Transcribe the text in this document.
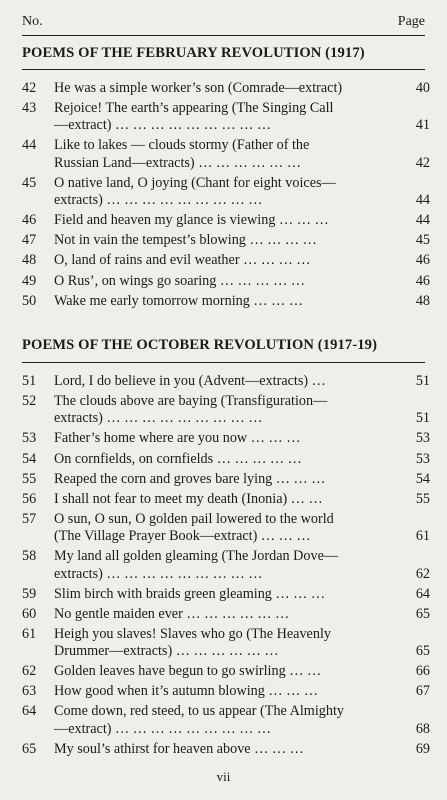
No.	Page
POEMS OF THE FEBRUARY REVOLUTION (1917)
42	He was a simple worker’s son (Comrade—extract)	40
43	Rejoice! The earth’s appearing (The Singing Call
—extract) … … … … … … … … …	41
44	Like to lakes — clouds stormy (Father of the
Russian Land—extracts) … … … … … …	42
45	O native land, O joying (Chant for eight voices—
extracts) … … … … … … … … …	44
46	Field and heaven my glance is viewing … … …	44
47	Not in vain the tempest’s blowing … … … …	45
48	O, land of rains and evil weather … … … …	46
49	O Rus’, on wings go soaring … … … … …	46
50	Wake me early tomorrow morning … … …	48
POEMS OF THE OCTOBER REVOLUTION (1917-19)
51	Lord, I do believe in you (Advent—extracts) …	51
52	The clouds above are baying (Transfiguration—
extracts) … … … … … … … … …	51
53	Father’s home where are you now … … …	53
54	On cornfields, on cornfields … … … … …	53
55	Reaped the corn and groves bare lying … … …	54
56	I shall not fear to meet my death (Inonia) … …	55
57	O sun, O sun, O golden pail lowered to the world
(The Village Prayer Book—extract) … … …	61
58	My land all golden gleaming (The Jordan Dove—
extracts) … … … … … … … … …	62
59	Slim birch with braids green gleaming … … …	64
60	No gentle maiden ever … … … … … …	65
61	Heigh you slaves! Slaves who go (The Heavenly
Drummer—extracts) … … … … … …	65
62	Golden leaves have begun to go swirling … …	66
63	How good when it’s autumn blowing … … …	67
64	Come down, red steed, to us appear (The Almighty
—extract) … … … … … … … … …	68
65	My soul’s athirst for heaven above … … …	69
vii
